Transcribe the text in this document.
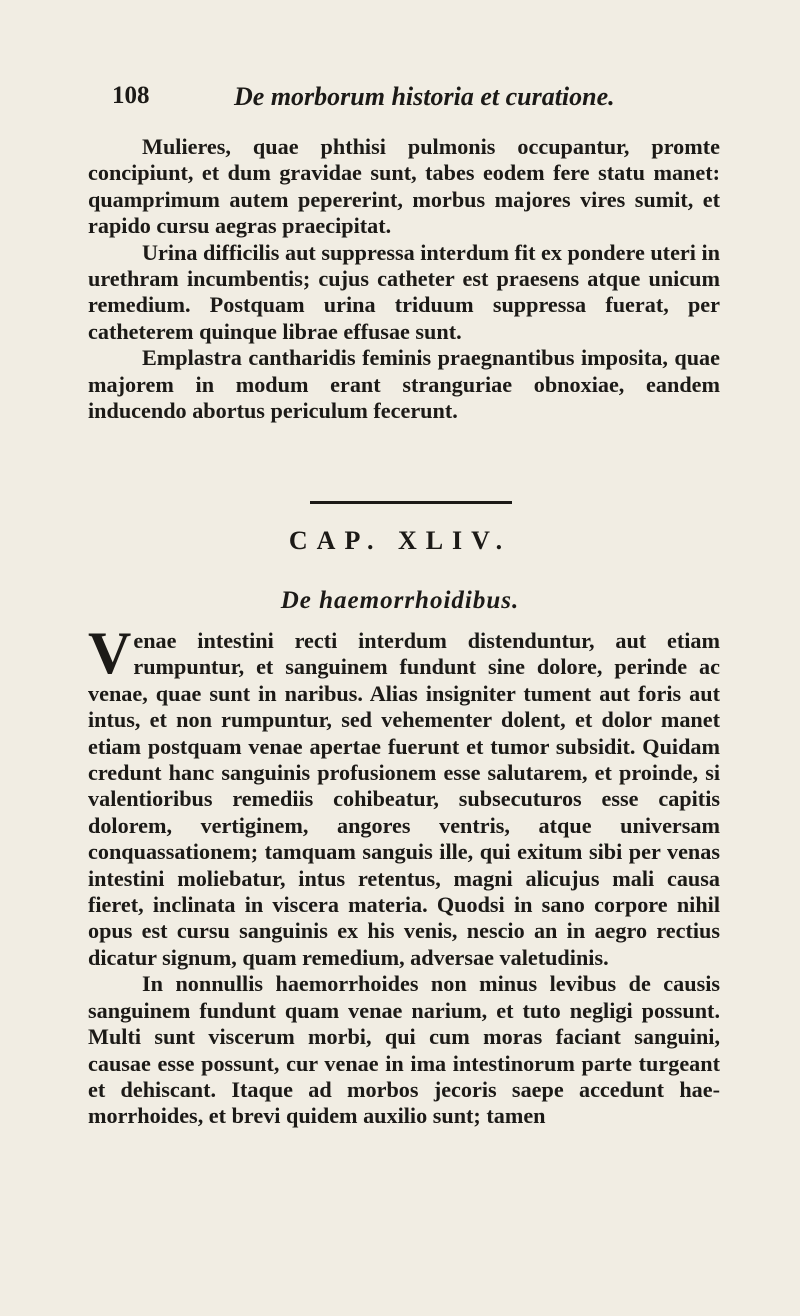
108	De morborum historia et curatione.

Mulieres, quae phthisi pulmonis occupantur, promte concipiunt, et dum gravidae sunt, tabes eodem fere statu manet: quamprimum autem pepererint, morbus majores vires sumit, et rapido cursu aegras praecipitat.

Urina difficilis aut suppressa interdum fit ex pondere uteri in urethram incumbentis; cujus catheter est praesens atque unicum remedium. Postquam urina triduum suppressa fuerat, per catheterem quinque librae effusae sunt.

Emplastra cantharidis feminis praegnantibus imposita, quae majorem in modum erant stranguriae obnoxiae, eandem inducendo abortus periculum fecerunt.

CAP. XLIV.
De haemorrhoidibus.

Venae intestini recti interdum distenduntur, aut etiam rumpuntur, et sanguinem fundunt sine dolore, perinde ac venae, quae sunt in naribus. Alias insigniter tument aut foris aut intus, et non rumpuntur, sed vehementer dolent, et dolor manet etiam postquam venae apertae fuerunt et tumor subsidit. Quidam credunt hanc sanguinis profusionem esse salutarem, et proinde, si valentioribus remediis cohibeatur, subsecuturos esse capitis dolorem, vertiginem, angores ventris, atque universam conquassationem; tamquam sanguis ille, qui exitum sibi per venas intestini moliebatur, intus retentus, magni alicujus mali causa fieret, inclinata in viscera materia. Quodsi in sano corpore nihil opus est cursu sanguinis ex his venis, nescio an in aegro rectius dicatur signum, quam remedium, adversae valetudinis.

In nonnullis haemorrhoides non minus levibus de causis sanguinem fundunt quam venae narium, et tuto negligi possunt. Multi sunt viscerum morbi, qui cum moras faciant sanguini, causae esse possunt, cur venae in ima intestinorum parte turgeant et dehiscant. Itaque ad morbos jecoris saepe accedunt haemorrhoides, et brevi quidem auxilio sunt; tamen
